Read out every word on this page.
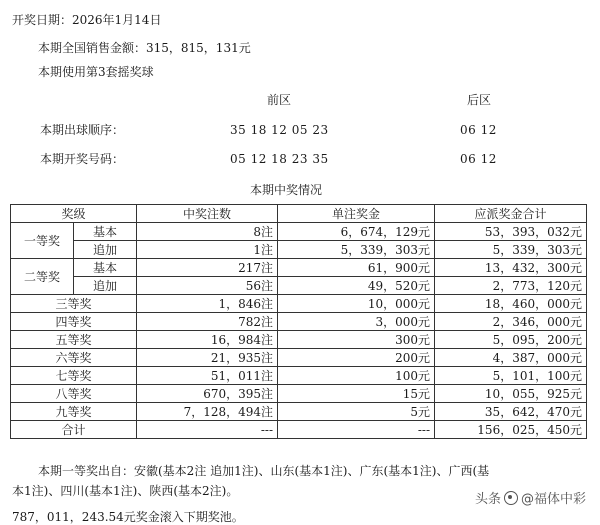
开奖日期：2026年1月14日
本期全国销售金额：315，815，131元
本期使用第3套摇奖球
前区	后区
本期出球顺序：	35 18 12 05 23	06 12
本期开奖号码：	05 12 18 23 35	06 12
本期中奖情况
奖级		中奖注数	单注奖金	应派奖金合计
一等奖	基本	8注	6，674，129元	53，393，032元
	追加	1注	5，339，303元	5，339，303元
二等奖	基本	217注	61，900元	13，432，300元
	追加	56注	49，520元	2，773，120元
三等奖		1，846注	10，000元	18，460，000元
四等奖		782注	3，000元	2，346，000元
五等奖		16，984注	300元	5，095，200元
六等奖		21，935注	200元	4，387，000元
七等奖		51，011注	100元	5，101，100元
八等奖		670，395注	15元	10，055，925元
九等奖		7，128，494注	5元	35，642，470元
合计		---	---	156，025，450元
本期一等奖出自：安徽(基本2注 追加1注)、山东(基本1注)、广东(基本1注)、广西(基
本1注)、四川(基本1注)、陕西(基本2注)。
787，011，243.54元奖金滚入下期奖池。
头条 @福体中彩
